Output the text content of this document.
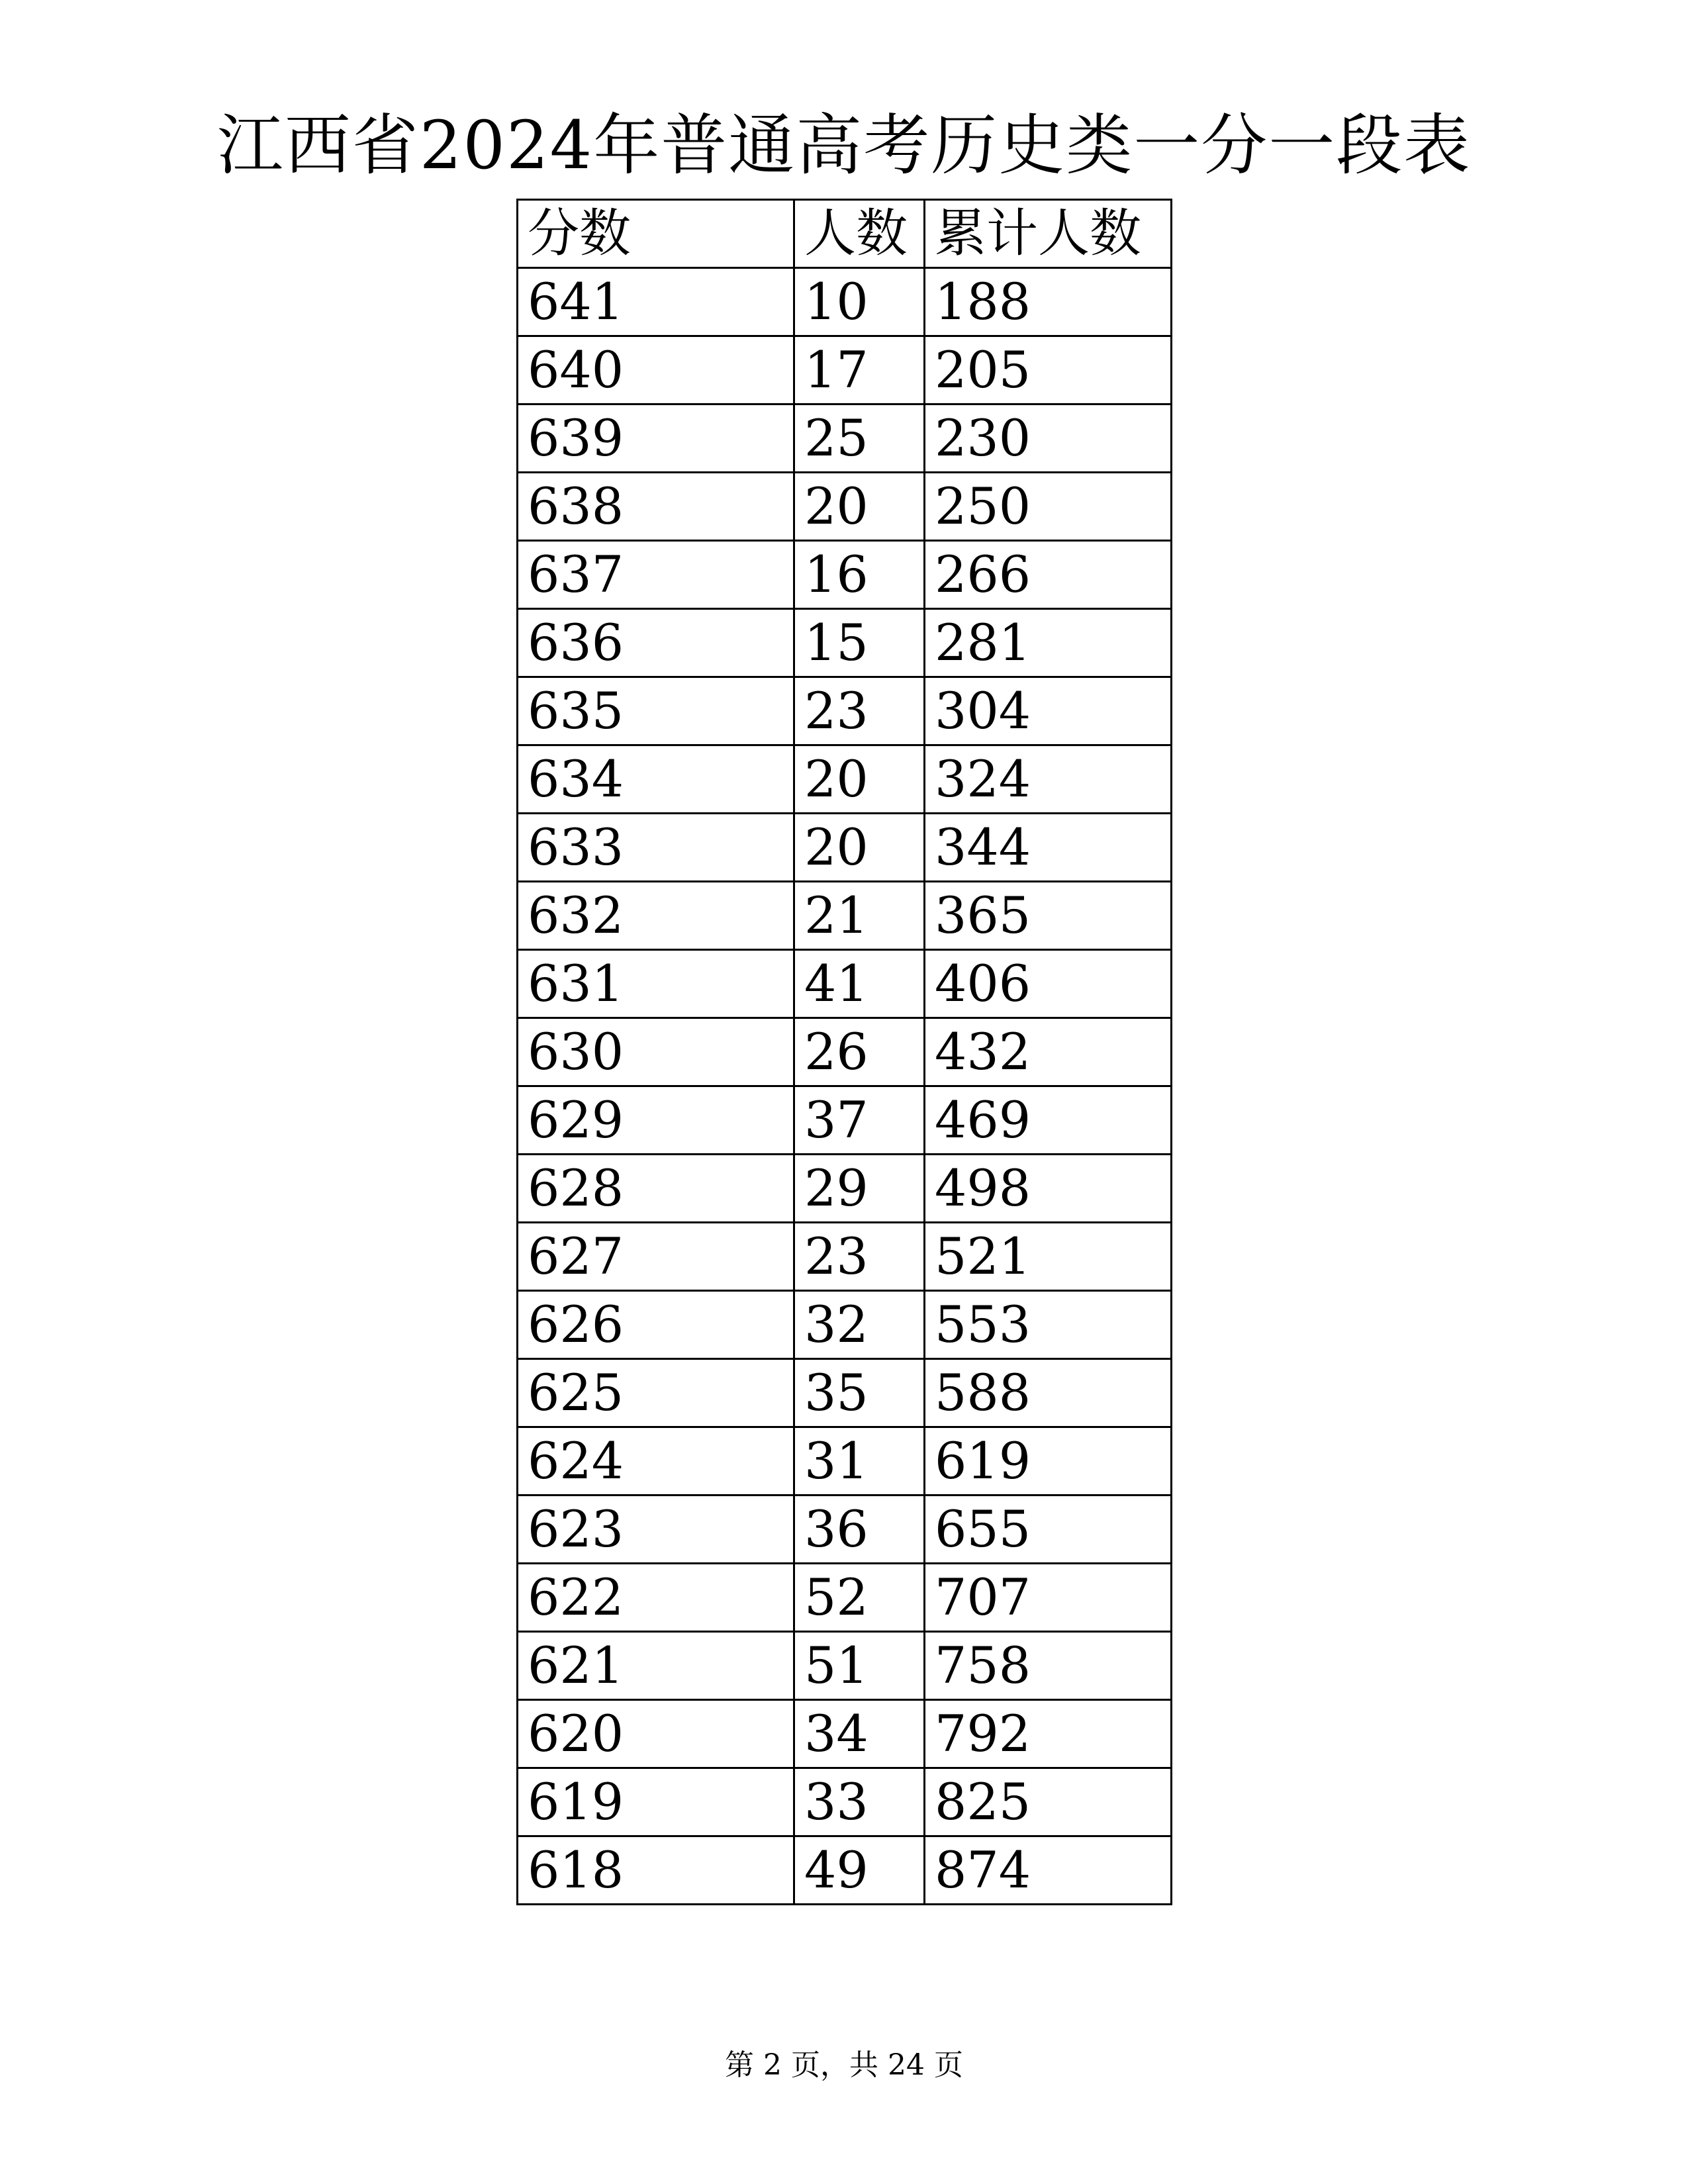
江西省2024年普通高考历史类一分一段表
分数	人数	累计人数
641	10	188
640	17	205
639	25	230
638	20	250
637	16	266
636	15	281
635	23	304
634	20	324
633	20	344
632	21	365
631	41	406
630	26	432
629	37	469
628	29	498
627	23	521
626	32	553
625	35	588
624	31	619
623	36	655
622	52	707
621	51	758
620	34	792
619	33	825
618	49	874
第 2 页，共 24 页
